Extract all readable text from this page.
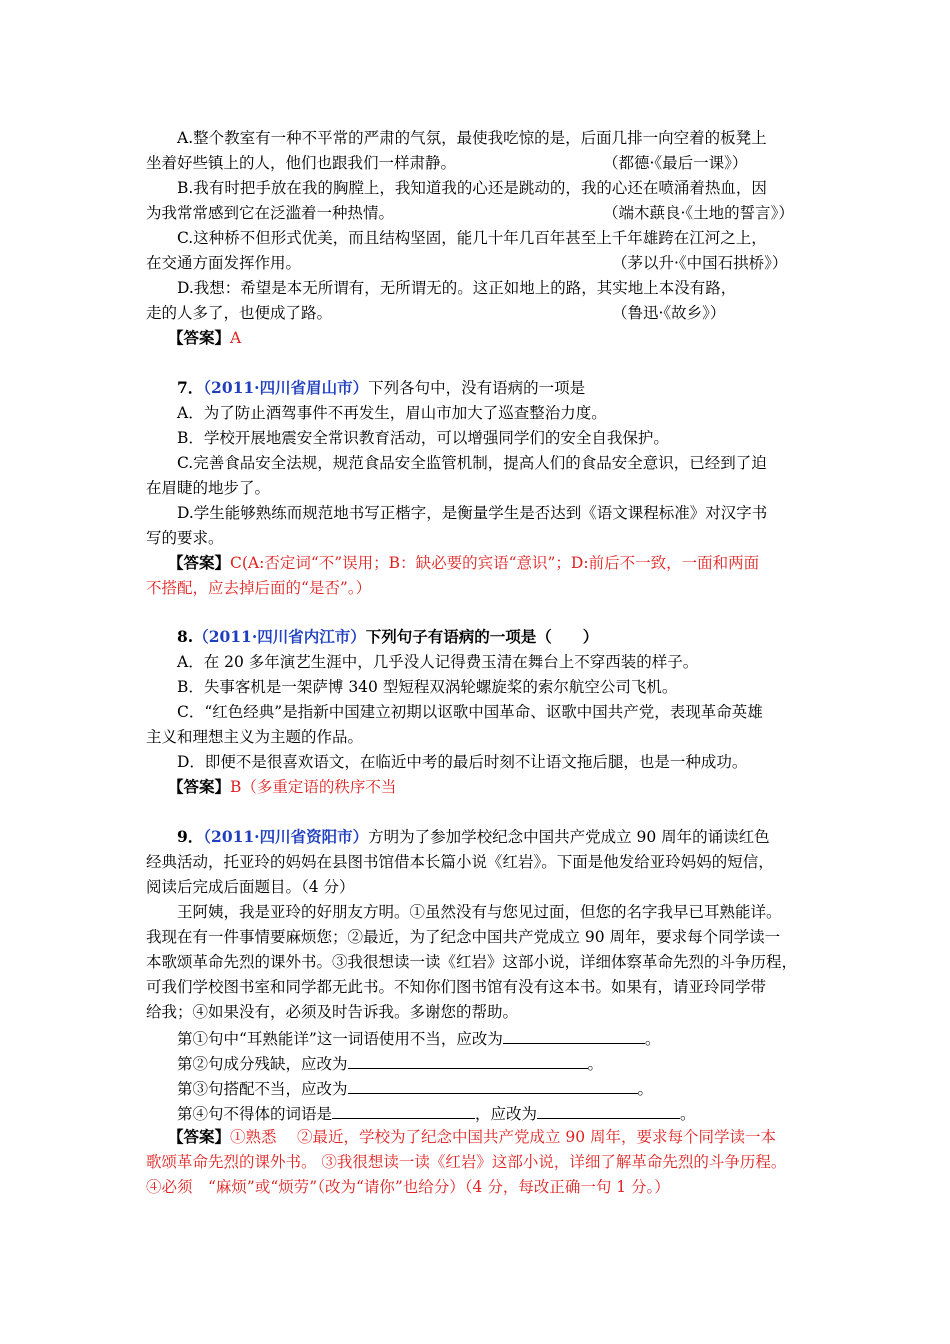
A.整个教室有一种不平常的严肃的气氛，最使我吃惊的是，后面几排一向空着的板凳上
坐着好些镇上的人，他们也跟我们一样肃静。	（都德·《最后一课》）
B.我有时把手放在我的胸膛上，我知道我的心还是跳动的，我的心还在喷涌着热血，因
为我常常感到它在泛滥着一种热情。	（端木蕻良·《土地的誓言》）
C.这种桥不但形式优美，而且结构坚固，能几十年几百年甚至上千年雄跨在江河之上，
在交通方面发挥作用。	（茅以升·《中国石拱桥》）
D.我想：希望是本无所谓有，无所谓无的。这正如地上的路，其实地上本没有路，
走的人多了，也便成了路。	（鲁迅·《故乡》）
【答案】A
7．（2011·四川省眉山市）下列各句中，没有语病的一项是
A．为了防止酒驾事件不再发生，眉山市加大了巡查整治力度。
B．学校开展地震安全常识教育活动，可以增强同学们的安全自我保护。
C.完善食品安全法规，规范食品安全监管机制，提高人们的食品安全意识，已经到了迫
在眉睫的地步了。
D.学生能够熟练而规范地书写正楷字，是衡量学生是否达到《语文课程标准》对汉字书
写的要求。
【答案】C(A:否定词“不”误用；B：缺必要的宾语“意识”；D:前后不一致，一面和两面
不搭配，应去掉后面的“是否”。）
8.（2011·四川省内江市）下列句子有语病的一项是（　　）
A．在 20 多年演艺生涯中，几乎没人记得费玉清在舞台上不穿西装的样子。
B．失事客机是一架萨博 340 型短程双涡轮螺旋桨的索尔航空公司飞机。
C．“红色经典”是指新中国建立初期以讴歌中国革命、讴歌中国共产党，表现革命英雄
主义和理想主义为主题的作品。
D．即便不是很喜欢语文，在临近中考的最后时刻不让语文拖后腿，也是一种成功。
【答案】B（多重定语的秩序不当
9．（2011·四川省资阳市）方明为了参加学校纪念中国共产党成立 90 周年的诵读红色
经典活动，托亚玲的妈妈在县图书馆借本长篇小说《红岩》。下面是他发给亚玲妈妈的短信，
阅读后完成后面题目。（4 分）
王阿姨，我是亚玲的好朋友方明。①虽然没有与您见过面，但您的名字我早已耳熟能详。
我现在有一件事情要麻烦您；②最近，为了纪念中国共产党成立 90 周年，要求每个同学读一
本歌颂革命先烈的课外书。③我很想读一读《红岩》这部小说，详细体察革命先烈的斗争历程，
可我们学校图书室和同学都无此书。不知你们图书馆有没有这本书。如果有，请亚玲同学带
给我；④如果没有，必须及时告诉我。多谢您的帮助。
第①句中“耳熟能详”这一词语使用不当，应改为	。
第②句成分残缺，应改为	。
第③句搭配不当，应改为	。
第④句不得体的词语是	，应改为	。
【答案】①熟悉　 ②最近，学校为了纪念中国共产党成立 90 周年，要求每个同学读一本
歌颂革命先烈的课外书。 ③我很想读一读《红岩》这部小说，详细了解革命先烈的斗争历程。
④必须　“麻烦”或“烦劳”（改为“请你”也给分）（4 分，每改正确一句 1 分。）
